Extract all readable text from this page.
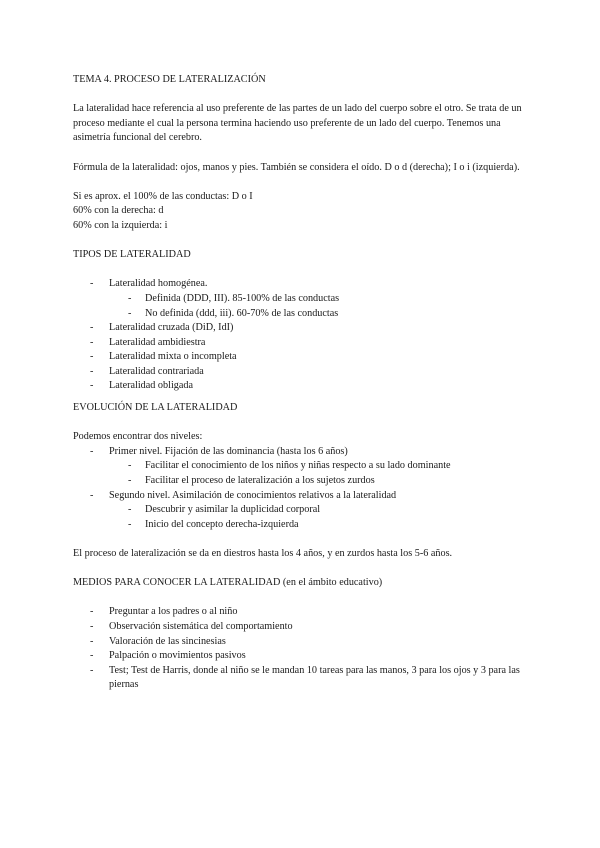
TEMA 4. PROCESO DE LATERALIZACIÓN

La lateralidad hace referencia al uso preferente de las partes de un lado del cuerpo sobre el otro. Se trata de un proceso mediante el cual la persona termina haciendo uso preferente de un lado del cuerpo. Tenemos una asimetría funcional del cerebro.

Fórmula de la lateralidad: ojos, manos y pies. También se considera el oído. D o d (derecha); I o i (izquierda).

Si es aprox. el 100% de las conductas: D o I

60% con la derecha: d

60% con la izquierda: i

TIPOS DE LATERALIDAD

- Lateralidad homogénea.
- Definida (DDD, III). 85-100% de las conductas
- No definida (ddd, iii). 60-70% de las conductas
- Lateralidad cruzada (DiD, IdI)
- Lateralidad ambidiestra
- Lateralidad mixta o incompleta
- Lateralidad contrariada
- Lateralidad obligada

EVOLUCIÓN DE LA LATERALIDAD

Podemos encontrar dos niveles:

- Primer nivel. Fijación de las dominancia (hasta los 6 años)
- Facilitar el conocimiento de los niños y niñas respecto a su lado dominante
- Facilitar el proceso de lateralización a los sujetos zurdos
- Segundo nivel. Asimilación de conocimientos relativos a la lateralidad
- Descubrir y asimilar la duplicidad corporal
- Inicio del concepto derecha-izquierda

El proceso de lateralización se da en diestros hasta los 4 años, y en zurdos hasta los 5-6 años.

MEDIOS PARA CONOCER LA LATERALIDAD (en el ámbito educativo)

- Preguntar a los padres o al niño
- Observación sistemática del comportamiento
- Valoración de las sincinesias
- Palpación o movimientos pasivos
- Test; Test de Harris, donde al niño se le mandan 10 tareas para las manos, 3 para los ojos y 3 para las piernas
